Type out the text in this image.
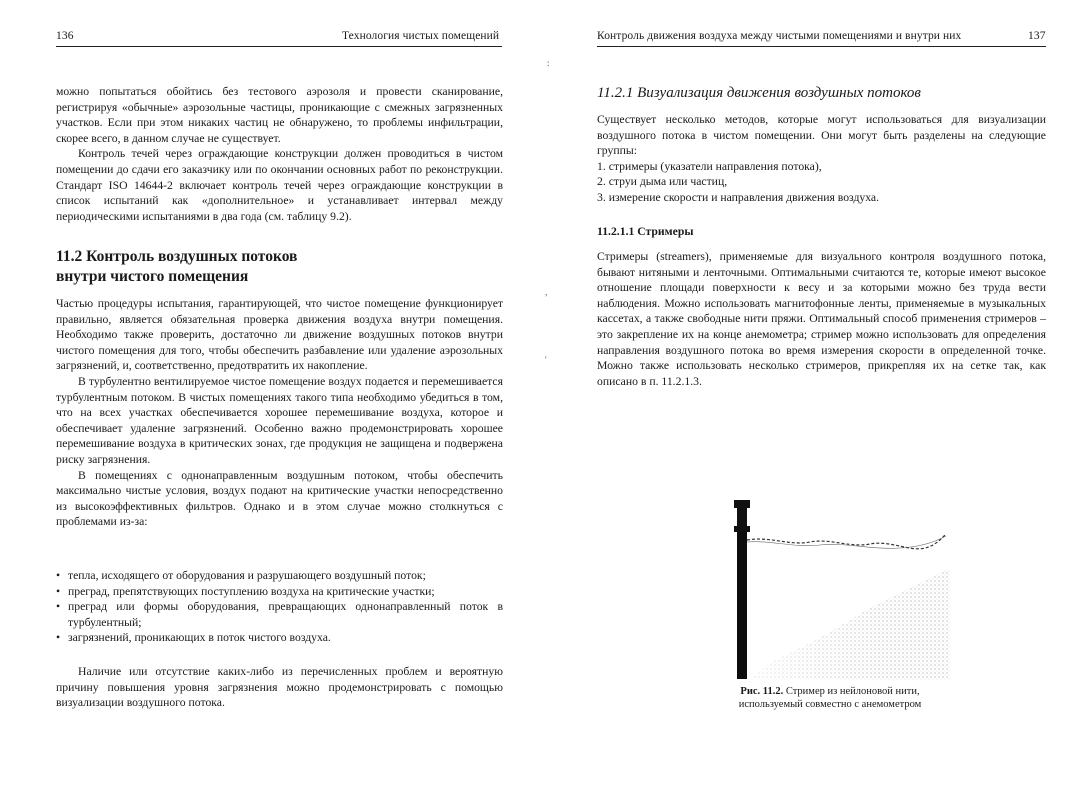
136	Технология чистых помещений

можно попытаться обойтись без тестового аэрозоля и провести сканирование, регистрируя «обычные» аэрозольные частицы, проникающие с смежных загрязненных участков. Если при этом никаких частиц не обнаружено, то проблемы инфильтрации, скорее всего, в данном случае не существует.

Контроль течей через ограждающие конструкции должен проводиться в чистом помещении до сдачи его заказчику или по окончании основных работ по реконструкции. Стандарт ISO 14644-2 включает контроль течей через ограждающие конструкции в список испытаний как «дополнительное» и устанавливает интервал между периодическими испытаниями в два года (см. таблицу 9.2).

11.2 Контроль воздушных потоков
внутри чистого помещения

Частью процедуры испытания, гарантирующей, что чистое помещение функционирует правильно, является обязательная проверка движения воздуха внутри помещения. Необходимо также проверить, достаточно ли движение воздушных потоков внутри чистого помещения для того, чтобы обеспечить разбавление или удаление аэрозольных загрязнений, и, соответственно, предотвратить их накопление.

В турбулентно вентилируемое чистое помещение воздух подается и перемешивается турбулентным потоком. В чистых помещениях такого типа необходимо убедиться в том, что на всех участках обеспечивается хорошее перемешивание воздуха, которое и обеспечивает удаление загрязнений. Особенно важно продемонстрировать хорошее перемешивание воздуха в критических зонах, где продукция не защищена и подвержена риску загрязнения.

В помещениях с однонаправленным воздушным потоком, чтобы обеспечить максимально чистые условия, воздух подают на критические участки непосредственно из высокоэффективных фильтров. Однако и в этом случае можно столкнуться с проблемами из-за:

• тепла, исходящего от оборудования и разрушающего воздушный поток;
• преград, препятствующих поступлению воздуха на критические участки;
• преград или формы оборудования, превращающих однонаправленный поток в турбулентный;
• загрязнений, проникающих в поток чистого воздуха.

Наличие или отсутствие каких-либо из перечисленных проблем и вероятную причину повышения уровня загрязнения можно продемонстрировать с помощью визуализации воздушного потока.

Контроль движения воздуха между чистыми помещениями и внутри них	137
11.2.1 Визуализация движения воздушных потоков

Существует несколько методов, которые могут использоваться для визуализации воздушного потока в чистом помещении. Они могут быть разделены на следующие группы:

1. стримеры (указатели направления потока),
2. струи дыма или частиц,
3. измерение скорости и направления движения воздуха.
11.2.1.1 Стримеры

Стримеры (streamers), применяемые для визуального контроля воздушного потока, бывают нитяными и ленточными. Оптимальными считаются те, которые имеют высокое отношение площади поверхности к весу и за которыми можно без труда вести наблюдения. Можно использовать магнитофонные ленты, применяемые в музыкальных кассетах, а также свободные нити пряжи. Оптимальный способ применения стримеров – это закрепление их на конце анемометра; стример можно использовать для определения направления воздушного потока во время измерения скорости в определенной точке. Можно также использовать несколько стримеров, прикрепляя их на сетке так, как описано в п. 11.2.1.3.

Рис. 11.2. Стример из нейлоновой нити,
используемый совместно с анемометром
:
,
'
